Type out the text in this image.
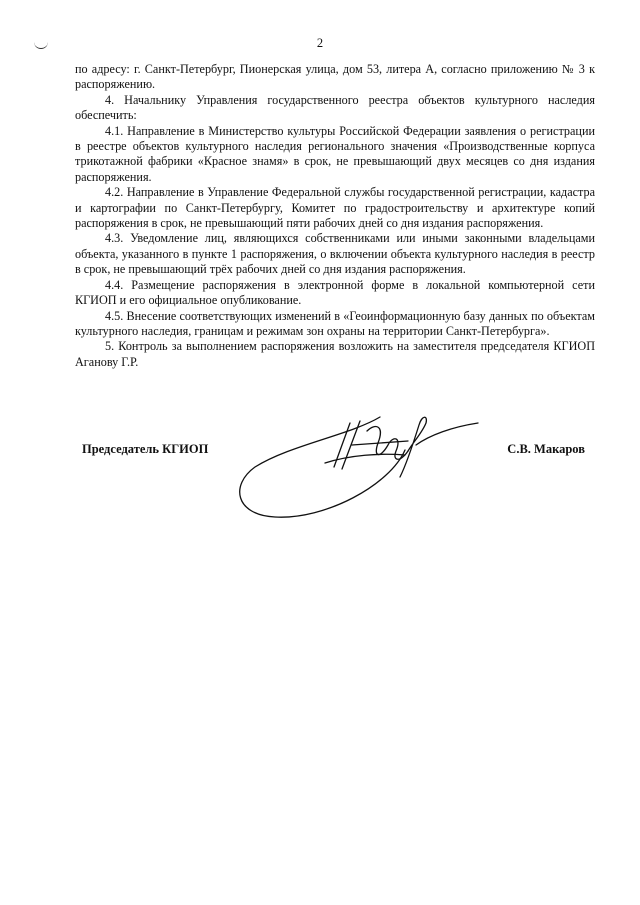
2

по адресу: г. Санкт-Петербург, Пионерская улица, дом 53, литера А, согласно приложению № 3 к распоряжению.

4. Начальнику Управления государственного реестра объектов культурного наследия обеспечить:

4.1. Направление в Министерство культуры Российской Федерации заявления о регистрации в реестре объектов культурного наследия регионального значения «Производственные корпуса трикотажной фабрики «Красное знамя» в срок, не превышающий двух месяцев со дня издания распоряжения.

4.2. Направление в Управление Федеральной службы государственной регистрации, кадастра и картографии по Санкт-Петербургу, Комитет по градостроительству и архитектуре копий распоряжения в срок, не превышающий пяти рабочих дней со дня издания распоряжения.

4.3. Уведомление лиц, являющихся собственниками или иными законными владельцами объекта, указанного в пункте 1 распоряжения, о включении объекта культурного наследия в реестр в срок, не превышающий трёх рабочих дней со дня издания распоряжения.

4.4. Размещение распоряжения в электронной форме в локальной компьютерной сети КГИОП и его официальное опубликование.

4.5. Внесение соответствующих изменений в «Геоинформационную базу данных по объектам культурного наследия, границам и режимам зон охраны на территории Санкт-Петербурга».

5. Контроль за выполнением распоряжения возложить на заместителя председателя КГИОП Аганову Г.Р.

Председатель КГИОП	С.В. Макаров
